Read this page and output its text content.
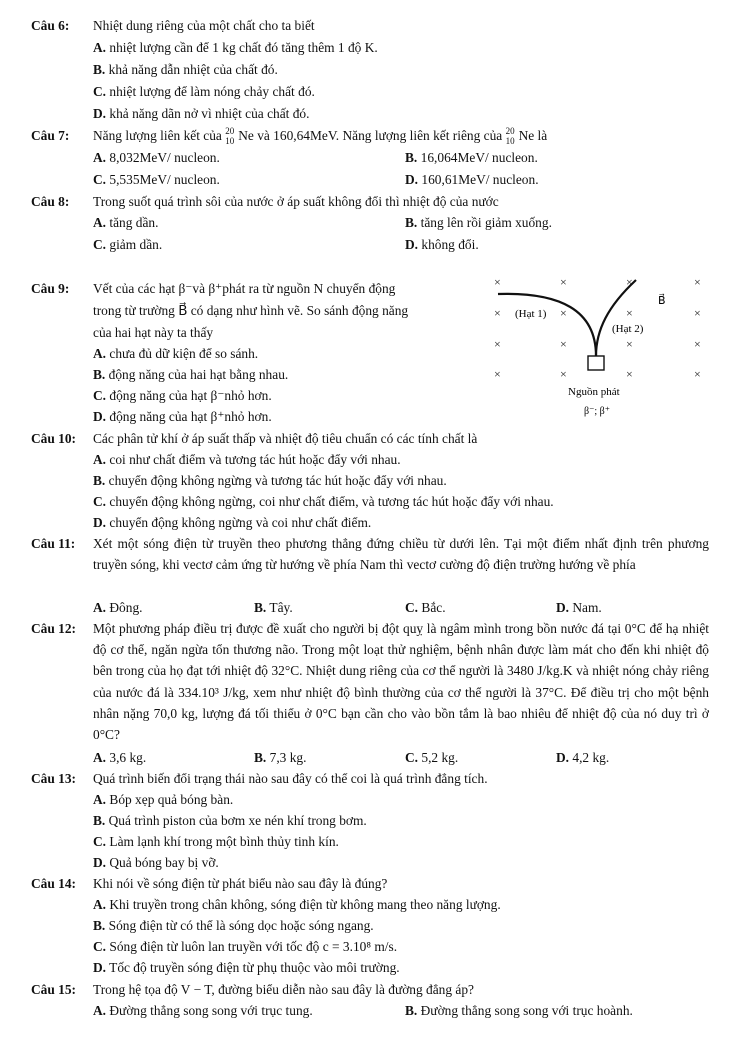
Câu 6: Nhiệt dung riêng của một chất cho ta biết
A. nhiệt lượng cần để 1 kg chất đó tăng thêm 1 độ K.
B. khả năng dẫn nhiệt của chất đó.
C. nhiệt lượng để làm nóng chảy chất đó.
D. khả năng dãn nở vì nhiệt của chất đó.
Câu 7: Năng lượng liên kết của 20
10 Ne và 160,64MeV. Năng lượng liên kết riêng của 20
10 Ne là
A. 8,032MeV/ nucleon.	B. 16,064MeV/ nucleon.
C. 5,535MeV/ nucleon.	D. 160,61MeV/ nucleon.
Câu 8: Trong suốt quá trình sôi của nước ở áp suất không đổi thì nhiệt độ của nước
A. tăng dần.	B. tăng lên rồi giảm xuống.
C. giảm dần.	D. không đổi.
Câu 9: Vết của các hạt β⁻và β⁺phát ra từ nguồn N chuyển động
trong từ trường B⃗ có dạng như hình vẽ. So sánh động năng
của hai hạt này ta thấy
A. chưa đủ dữ kiện để so sánh.
B. động năng của hai hạt bằng nhau.
C. động năng của hạt β⁻nhỏ hơn.
D. động năng của hạt β⁺nhỏ hơn.
×	×	×	×
×	×	×	×
×	×	×	×
×	×	×	×
B⃗
(Hạt 1)
(Hạt 2)
Nguồn phát
β⁻; β⁺
Câu 10: Các phân tử khí ở áp suất thấp và nhiệt độ tiêu chuẩn có các tính chất là
A. coi như chất điểm và tương tác hút hoặc đẩy với nhau.
B. chuyển động không ngừng và tương tác hút hoặc đẩy với nhau.
C. chuyển động không ngừng, coi như chất điểm, và tương tác hút hoặc đẩy với nhau.
D. chuyển động không ngừng và coi như chất điểm.
Câu 11: Xét một sóng điện từ truyền theo phương thẳng đứng chiều từ dưới lên. Tại một điểm nhất định trên phương truyền sóng, khi vectơ cảm ứng từ hướng về phía Nam thì vectơ cường độ điện trường hướng về phía
A. Đông.	B. Tây.	C. Bắc.	D. Nam.
Câu 12: Một phương pháp điều trị được đề xuất cho người bị đột quỵ là ngâm mình trong bồn nước đá tại 0°C để hạ nhiệt độ cơ thể, ngăn ngừa tổn thương não. Trong một loạt thử nghiệm, bệnh nhân được làm mát cho đến khi nhiệt độ bên trong của họ đạt tới nhiệt độ 32°C. Nhiệt dung riêng của cơ thể người là 3480 J/kg.K và nhiệt nóng chảy riêng của nước đá là 334.10³ J/kg, xem như nhiệt độ bình thường của cơ thể người là 37°C. Để điều trị cho một bệnh nhân nặng 70,0 kg, lượng đá tối thiểu ở 0°C bạn cần cho vào bồn tắm là bao nhiêu để nhiệt độ của nó duy trì ở 0°C?
A. 3,6 kg.	B. 7,3 kg.	C. 5,2 kg.	D. 4,2 kg.
Câu 13: Quá trình biến đổi trạng thái nào sau đây có thể coi là quá trình đẳng tích.
A. Bóp xẹp quả bóng bàn.
B. Quá trình piston của bơm xe nén khí trong bơm.
C. Làm lạnh khí trong một bình thủy tinh kín.
D. Quả bóng bay bị vỡ.
Câu 14: Khi nói về sóng điện từ phát biểu nào sau đây là đúng?
A. Khi truyền trong chân không, sóng điện từ không mang theo năng lượng.
B. Sóng điện từ có thể là sóng dọc hoặc sóng ngang.
C. Sóng điện từ luôn lan truyền với tốc độ c = 3.10⁸ m/s.
D. Tốc độ truyền sóng điện từ phụ thuộc vào môi trường.
Câu 15: Trong hệ tọa độ V − T, đường biểu diễn nào sau đây là đường đẳng áp?
A. Đường thẳng song song với trục tung.	B. Đường thẳng song song với trục hoành.
